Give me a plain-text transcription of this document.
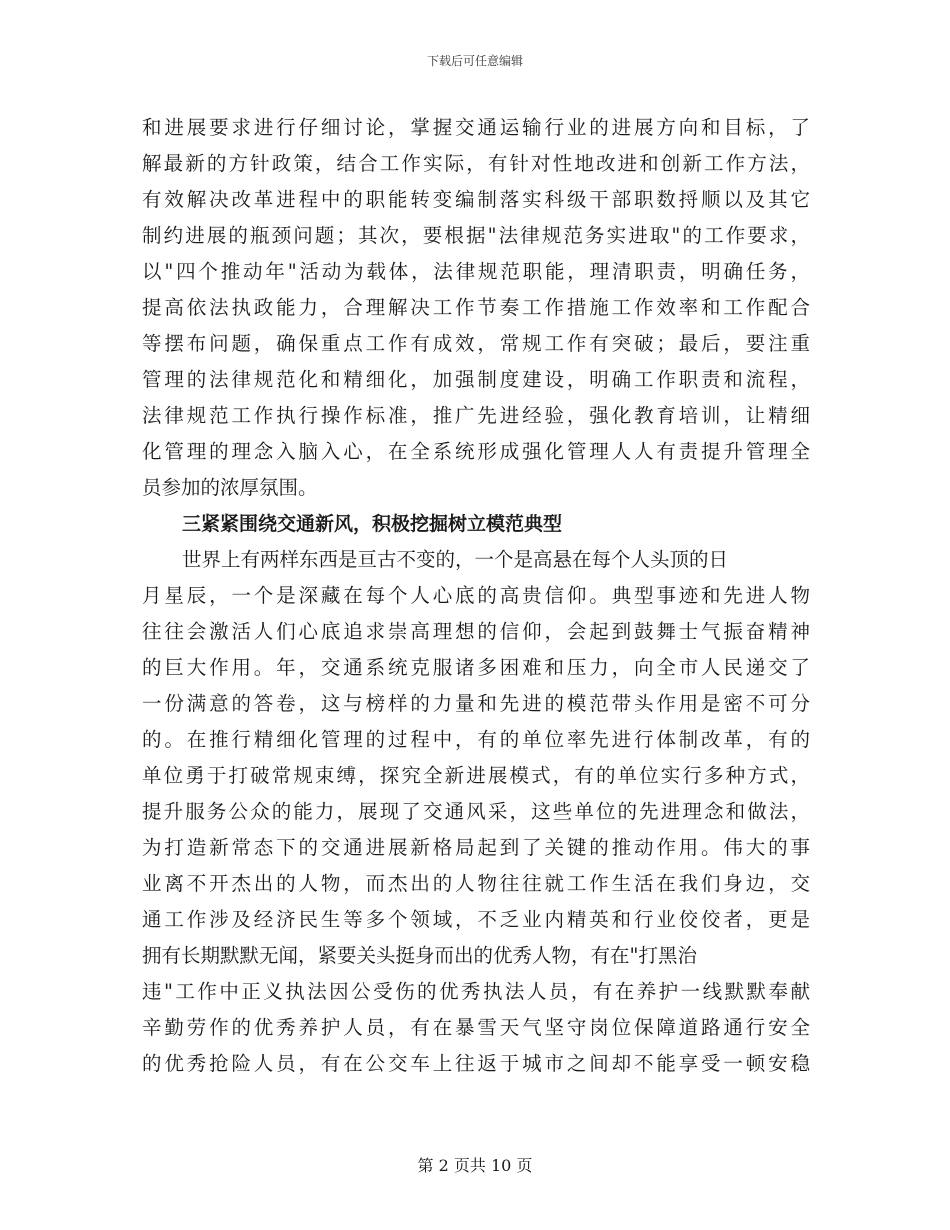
下载后可任意编辑
和进展要求进行仔细讨论，掌握交通运输行业的进展方向和目标，了
解最新的方针政策，结合工作实际，有针对性地改进和创新工作方法，
有效解决改革进程中的职能转变编制落实科级干部职数捋顺以及其它
制约进展的瓶颈问题；其次，要根据"法律规范务实进取"的工作要求，
以"四个推动年"活动为载体，法律规范职能，理清职责，明确任务，
提高依法执政能力，合理解决工作节奏工作措施工作效率和工作配合
等摆布问题，确保重点工作有成效，常规工作有突破；最后，要注重
管理的法律规范化和精细化，加强制度建设，明确工作职责和流程，
法律规范工作执行操作标准，推广先进经验，强化教育培训，让精细
化管理的理念入脑入心，在全系统形成强化管理人人有责提升管理全
员参加的浓厚氛围。
三紧紧围绕交通新风，积极挖掘树立模范典型
世界上有两样东西是亘古不变的，一个是高悬在每个人头顶的日
月星辰，一个是深藏在每个人心底的高贵信仰。典型事迹和先进人物
往往会激活人们心底追求崇高理想的信仰，会起到鼓舞士气振奋精神
的巨大作用。年，交通系统克服诸多困难和压力，向全市人民递交了
一份满意的答卷，这与榜样的力量和先进的模范带头作用是密不可分
的。在推行精细化管理的过程中，有的单位率先进行体制改革，有的
单位勇于打破常规束缚，探究全新进展模式，有的单位实行多种方式，
提升服务公众的能力，展现了交通风采，这些单位的先进理念和做法，
为打造新常态下的交通进展新格局起到了关键的推动作用。伟大的事
业离不开杰出的人物，而杰出的人物往往就工作生活在我们身边，交
通工作涉及经济民生等多个领域，不乏业内精英和行业佼佼者，更是
拥有长期默默无闻，紧要关头挺身而出的优秀人物，有在"打黑治
违"工作中正义执法因公受伤的优秀执法人员，有在养护一线默默奉献
辛勤劳作的优秀养护人员，有在暴雪天气坚守岗位保障道路通行安全
的优秀抢险人员，有在公交车上往返于城市之间却不能享受一顿安稳
第 2 页共 10 页
